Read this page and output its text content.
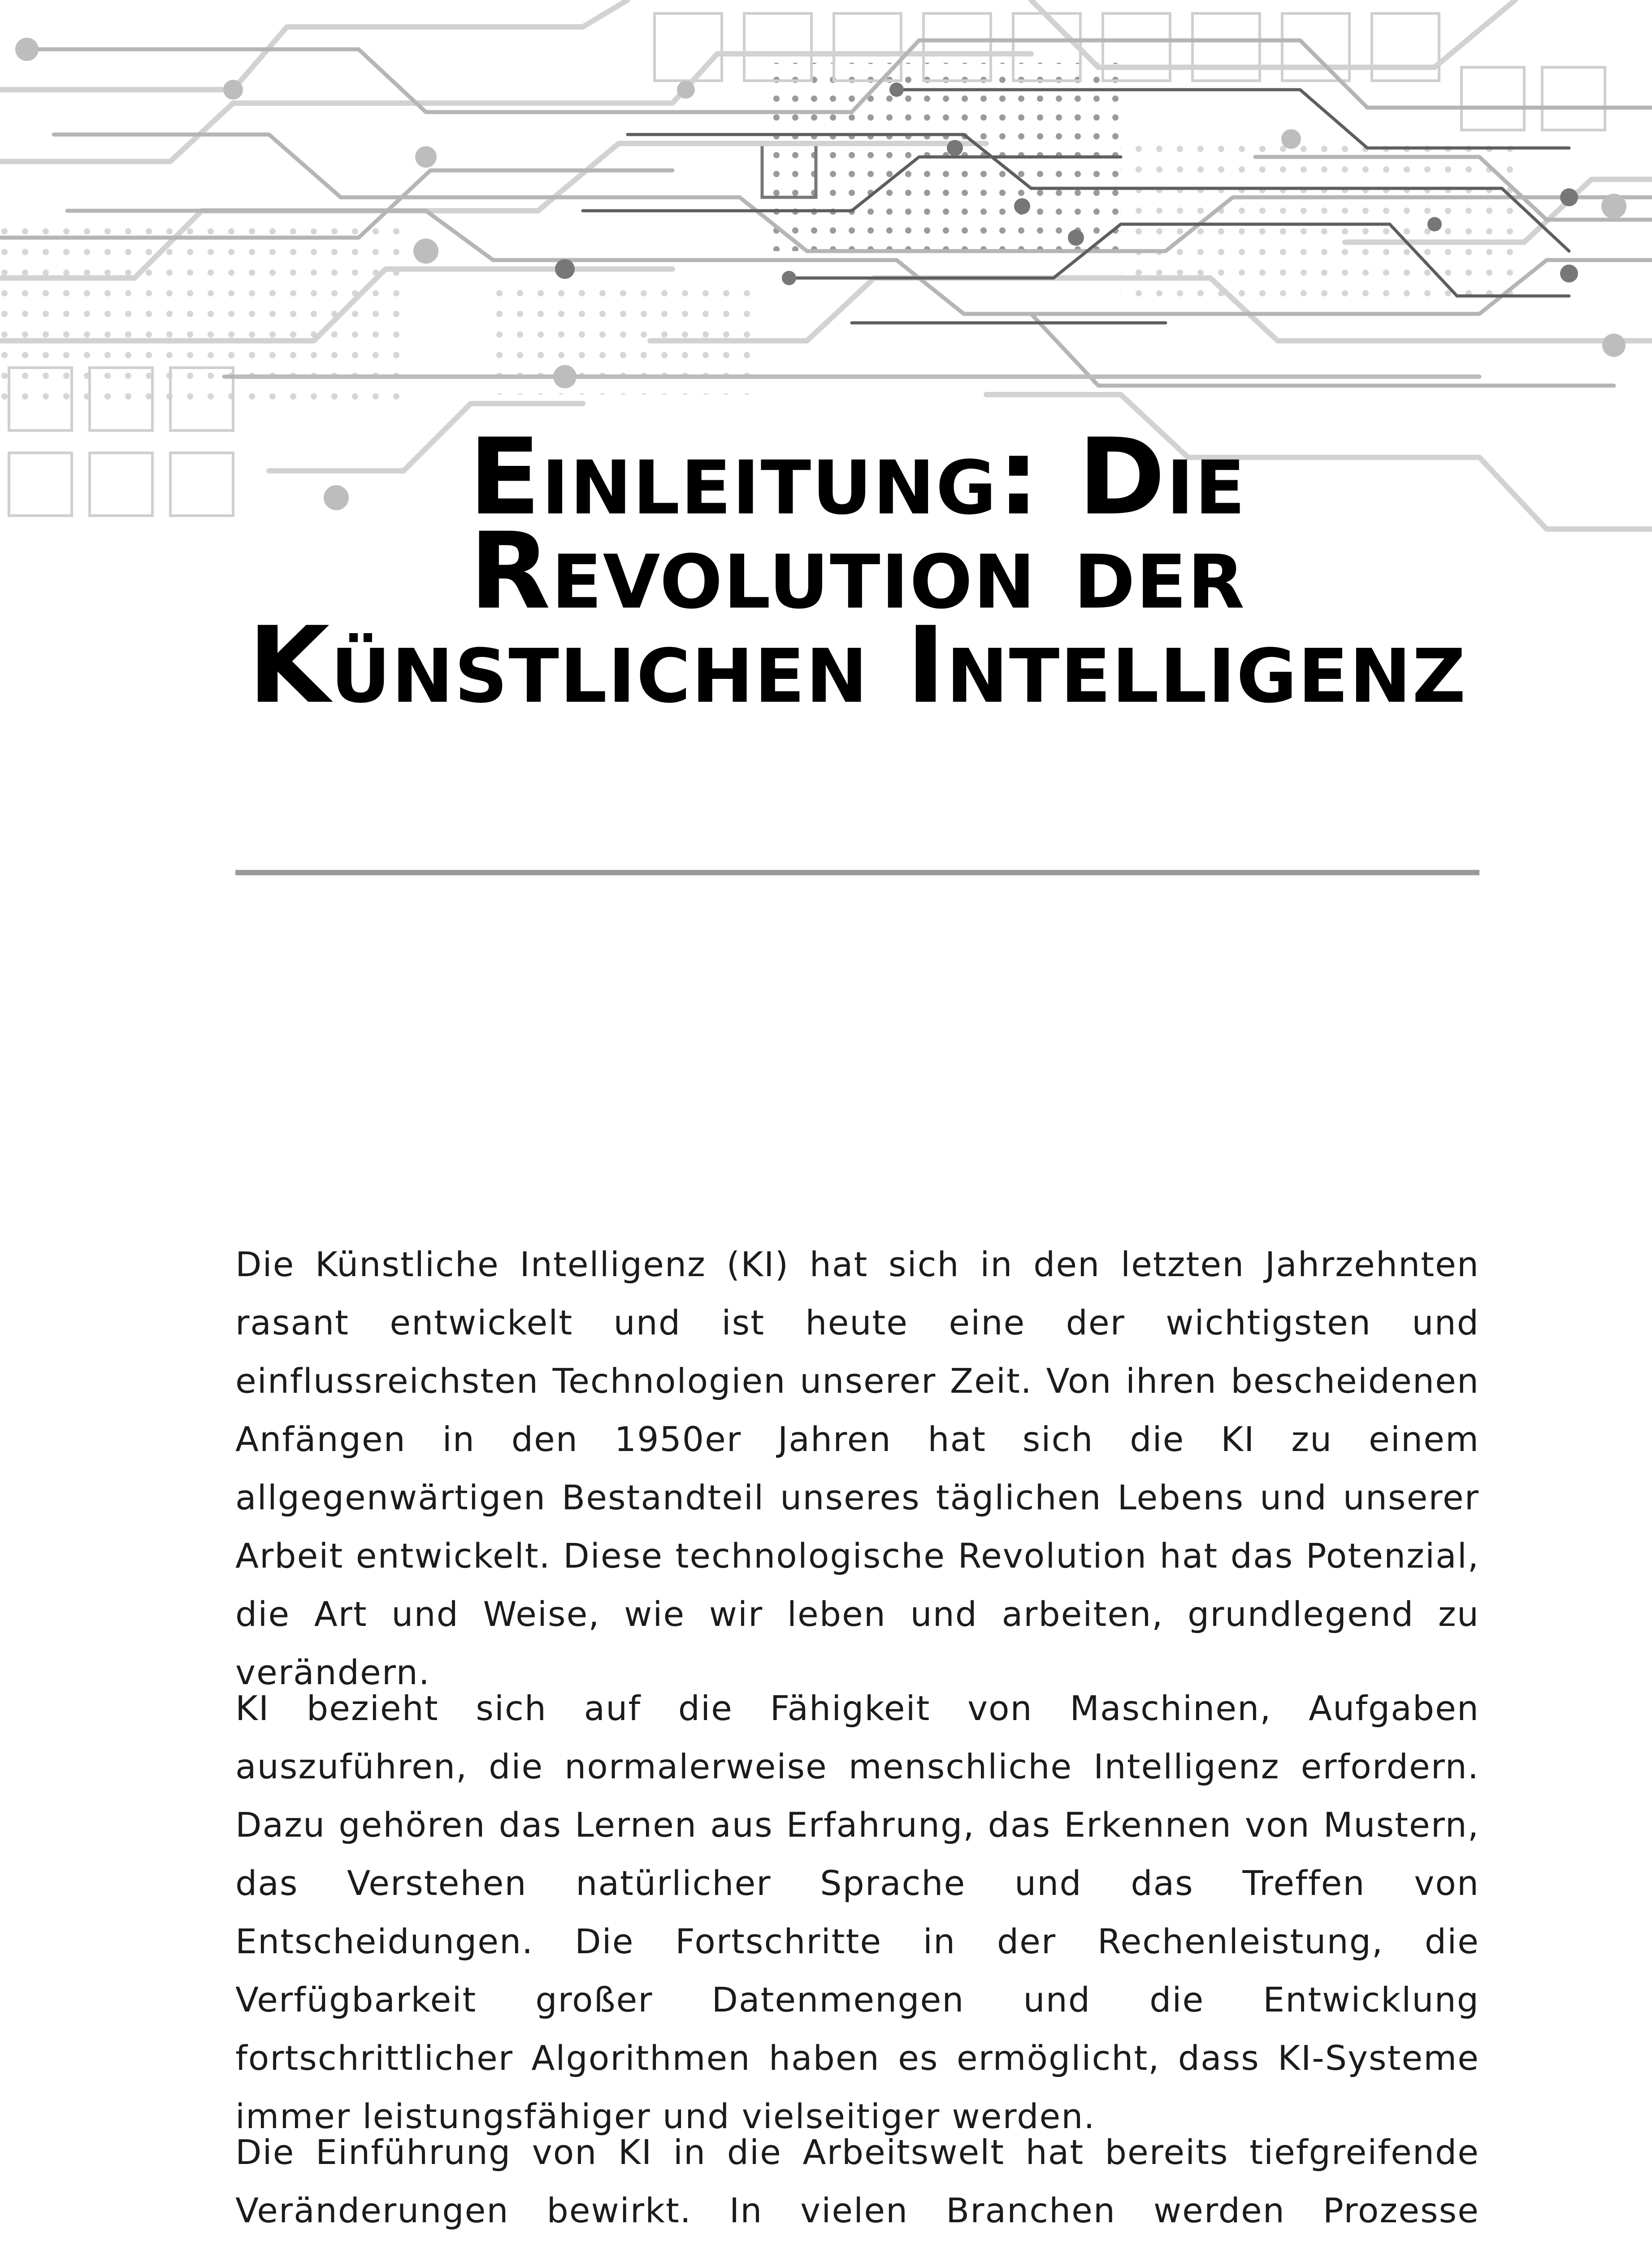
Einleitung: Die Revolution der Künstlichen Intelligenz

Die Künstliche Intelligenz (KI) hat sich in den letzten Jahrzehnten rasant entwickelt und ist heute eine der wichtigsten und einflussreichsten Technologien unserer Zeit. Von ihren bescheidenen Anfängen in den 1950er Jahren hat sich die KI zu einem allgegenwärtigen Bestandteil unseres täglichen Lebens und unserer Arbeit entwickelt. Diese technologische Revolution hat das Potenzial, die Art und Weise, wie wir leben und arbeiten, grundlegend zu verändern.

KI bezieht sich auf die Fähigkeit von Maschinen, Aufgaben auszuführen, die normalerweise menschliche Intelligenz erfordern. Dazu gehören das Lernen aus Erfahrung, das Erkennen von Mustern, das Verstehen natürlicher Sprache und das Treffen von Entscheidungen. Die Fortschritte in der Rechenleistung, die Verfügbarkeit großer Datenmengen und die Entwicklung fortschrittlicher Algorithmen haben es ermöglicht, dass KI-Systeme immer leistungsfähiger und vielseitiger werden.

Die Einführung von KI in die Arbeitswelt hat bereits tiefgreifende Veränderungen bewirkt. In vielen Branchen werden Prozesse
